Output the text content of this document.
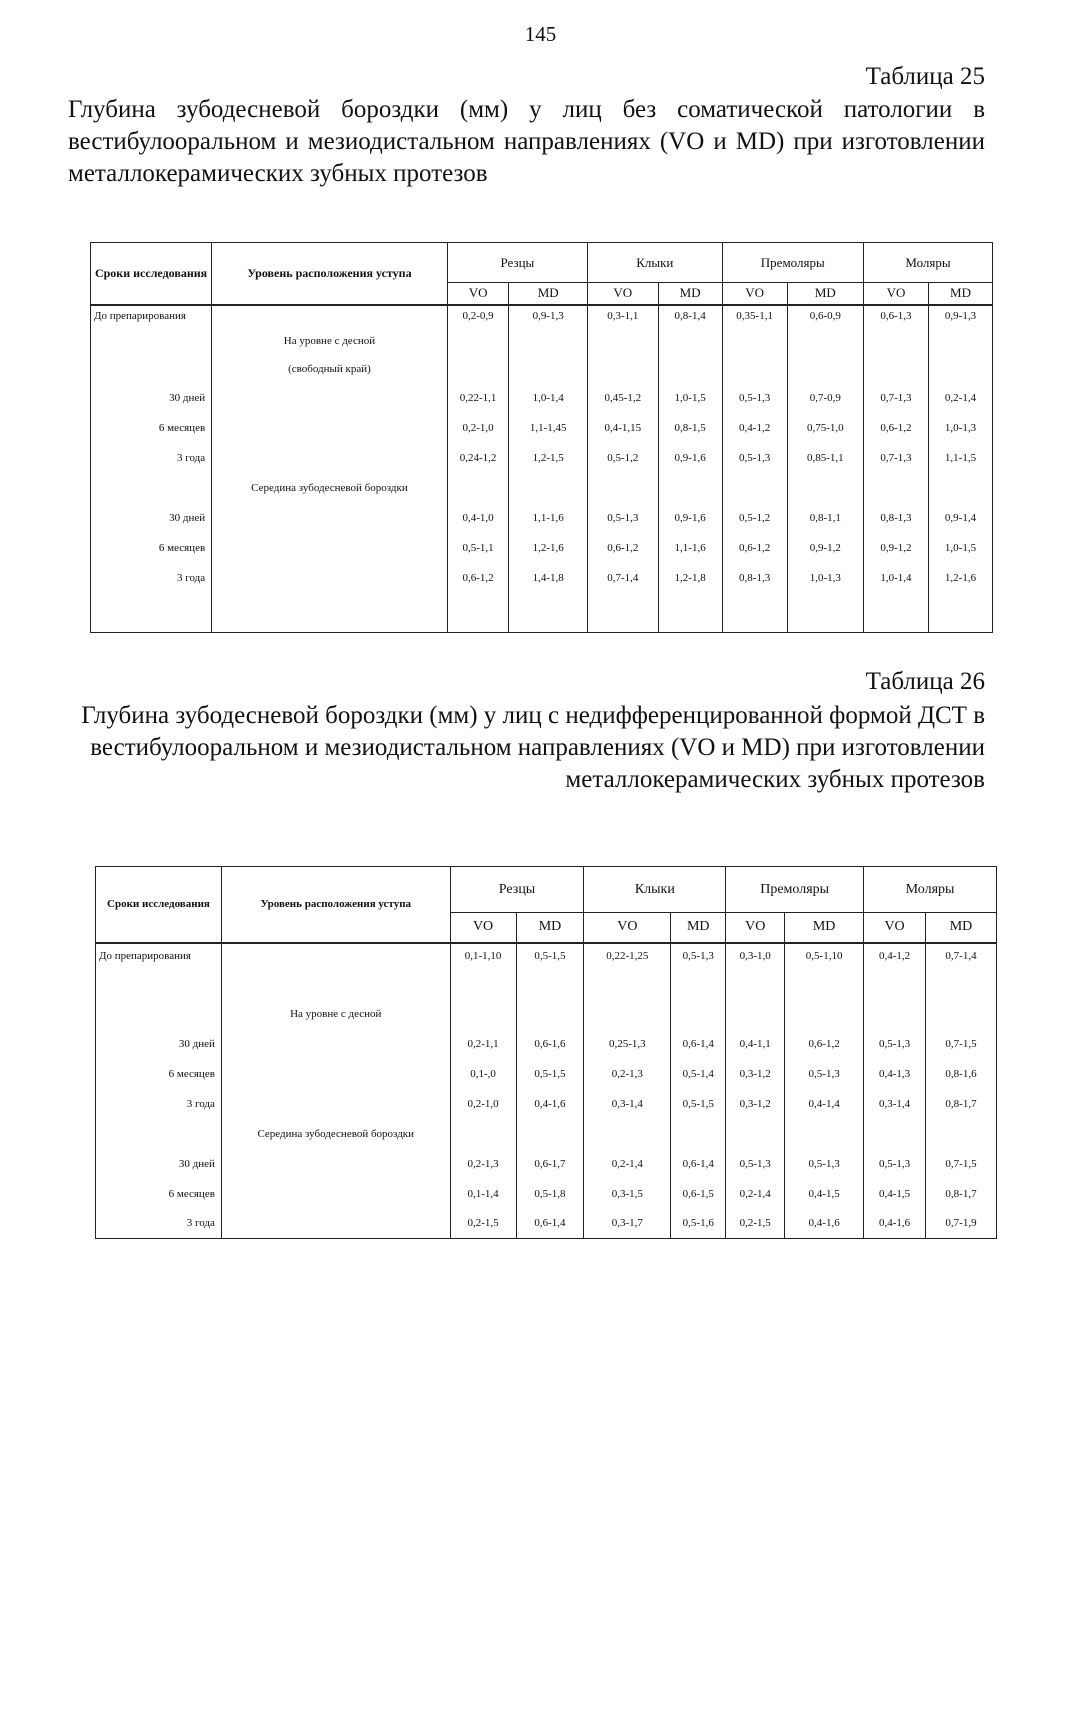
145
Таблица 25
Глубина зубодесневой бороздки (мм) у лиц без соматической патологии в вестибулооральном и мезиодистальном направлениях (VO и MD) при изготовлении металлокерамических зубных протезов
Сроки исследования	Уровень расположения уступа	Резцы		Клыки		Премоляры		Моляры	
		VO	MD	VO	MD	VO	MD	VO	MD
До препарирования		0,2-0,9	0,9-1,3	0,3-1,1	0,8-1,4	0,35-1,1	0,6-0,9	0,6-1,3	0,9-1,3
	На уровне с десной								
	(свободный край)								
30 дней		0,22-1,1	1,0-1,4	0,45-1,2	1,0-1,5	0,5-1,3	0,7-0,9	0,7-1,3	0,2-1,4
6 месяцев		0,2-1,0	1,1-1,45	0,4-1,15	0,8-1,5	0,4-1,2	0,75-1,0	0,6-1,2	1,0-1,3
3 года		0,24-1,2	1,2-1,5	0,5-1,2	0,9-1,6	0,5-1,3	0,85-1,1	0,7-1,3	1,1-1,5
	Середина зубодесневой бороздки								
30 дней		0,4-1,0	1,1-1,6	0,5-1,3	0,9-1,6	0,5-1,2	0,8-1,1	0,8-1,3	0,9-1,4
6 месяцев		0,5-1,1	1,2-1,6	0,6-1,2	1,1-1,6	0,6-1,2	0,9-1,2	0,9-1,2	1,0-1,5
3 года		0,6-1,2	1,4-1,8	0,7-1,4	1,2-1,8	0,8-1,3	1,0-1,3	1,0-1,4	1,2-1,6

Таблица 26
Глубина зубодесневой бороздки (мм) у лиц с недифференцированной формой ДСТ в вестибулооральном и мезиодистальном направлениях (VO и MD) при изготовлении металлокерамических зубных протезов
Сроки исследования	Уровень расположения уступа	Резцы		Клыки		Премоляры		Моляры	
		VO	MD	VO	MD	VO	MD	VO	MD
До препарирования		0,1-1,10	0,5-1,5	0,22-1,25	0,5-1,3	0,3-1,0	0,5-1,10	0,4-1,2	0,7-1,4

	На уровне с десной								
30 дней		0,2-1,1	0,6-1,6	0,25-1,3	0,6-1,4	0,4-1,1	0,6-1,2	0,5-1,3	0,7-1,5
6 месяцев		0,1-,0	0,5-1,5	0,2-1,3	0,5-1,4	0,3-1,2	0,5-1,3	0,4-1,3	0,8-1,6
3 года		0,2-1,0	0,4-1,6	0,3-1,4	0,5-1,5	0,3-1,2	0,4-1,4	0,3-1,4	0,8-1,7
	Середина зубодесневой бороздки								
30 дней		0,2-1,3	0,6-1,7	0,2-1,4	0,6-1,4	0,5-1,3	0,5-1,3	0,5-1,3	0,7-1,5
6 месяцев		0,1-1,4	0,5-1,8	0,3-1,5	0,6-1,5	0,2-1,4	0,4-1,5	0,4-1,5	0,8-1,7
3 года		0,2-1,5	0,6-1,4	0,3-1,7	0,5-1,6	0,2-1,5	0,4-1,6	0,4-1,6	0,7-1,9
